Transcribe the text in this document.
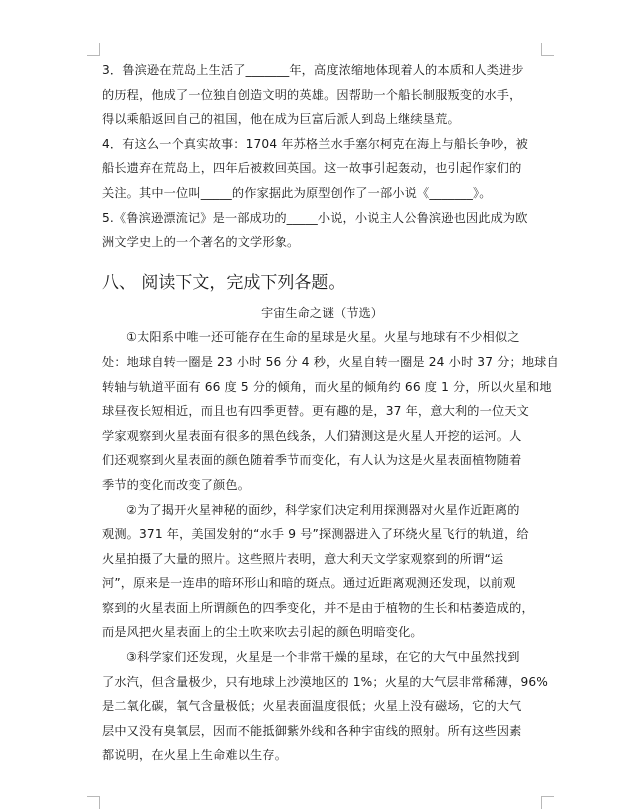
3．鲁滨逊在荒岛上生活了_______年，高度浓缩地体现着人的本质和人类进步
的历程，他成了一位独自创造文明的英雄。因帮助一个船长制服叛变的水手，
得以乘船返回自己的祖国，他在成为巨富后派人到岛上继续垦荒。
4．有这么一个真实故事：1704 年苏格兰水手塞尔柯克在海上与船长争吵，被
船长遗弃在荒岛上，四年后被救回英国。这一故事引起轰动，也引起作家们的
关注。其中一位叫_____的作家据此为原型创作了一部小说《_______》。
5.《鲁滨逊漂流记》是一部成功的_____小说，小说主人公鲁滨逊也因此成为欧
洲文学史上的一个著名的文学形象。
八、 阅读下文，完成下列各题。
宇宙生命之谜（节选）
①太阳系中唯一还可能存在生命的星球是火星。火星与地球有不少相似之
处：地球自转一圈是 23 小时 56 分 4 秒，火星自转一圈是 24 小时 37 分；地球自
转轴与轨道平面有 66 度 5 分的倾角，而火星的倾角约 66 度 1 分，所以火星和地
球昼夜长短相近，而且也有四季更替。更有趣的是，37 年，意大利的一位天文
学家观察到火星表面有很多的黑色线条，人们猜测这是火星人开挖的运河。人
们还观察到火星表面的颜色随着季节而变化，有人认为这是火星表面植物随着
季节的变化而改变了颜色。
②为了揭开火星神秘的面纱，科学家们决定利用探测器对火星作近距离的
观测。371 年，美国发射的“水手 9 号”探测器进入了环绕火星飞行的轨道，给
火星拍摄了大量的照片。这些照片表明，意大利天文学家观察到的所谓“运
河”，原来是一连串的暗环形山和暗的斑点。通过近距离观测还发现，以前观
察到的火星表面上所谓颜色的四季变化，并不是由于植物的生长和枯萎造成的，
而是风把火星表面上的尘土吹来吹去引起的颜色明暗变化。
③科学家们还发现，火星是一个非常干燥的星球，在它的大气中虽然找到
了水汽，但含量极少，只有地球上沙漠地区的 1%；火星的大气层非常稀薄，96%
是二氧化碳，氧气含量极低；火星表面温度很低；火星上没有磁场，它的大气
层中又没有臭氧层，因而不能抵御紫外线和各种宇宙线的照射。所有这些因素
都说明，在火星上生命难以生存。
